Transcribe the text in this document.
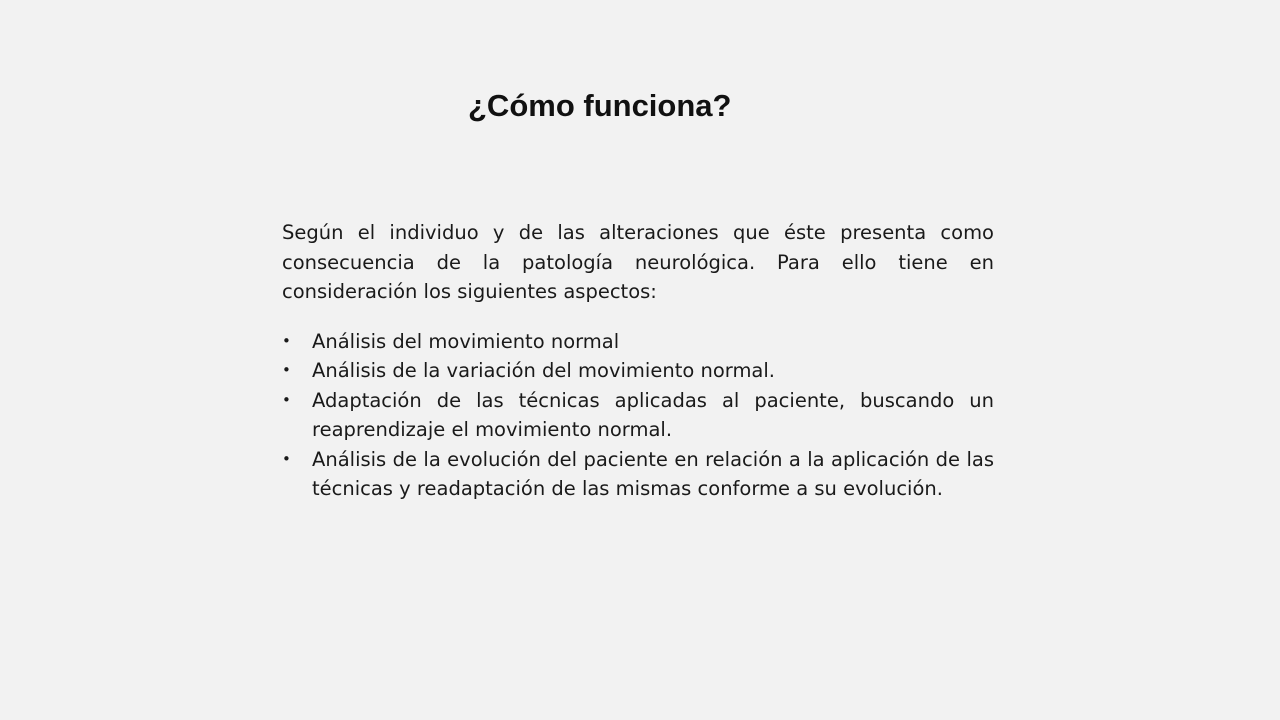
¿Cómo funciona?

Según el individuo y de las alteraciones que éste presenta como consecuencia de la patología neurológica. Para ello tiene en consideración los siguientes aspectos:

• Análisis del movimiento normal
• Análisis de la variación del movimiento normal.
• Adaptación de las técnicas aplicadas al paciente, buscando un reaprendizaje el movimiento normal.
• Análisis de la evolución del paciente en relación a la aplicación de las técnicas y readaptación de las mismas conforme a su evolución.
